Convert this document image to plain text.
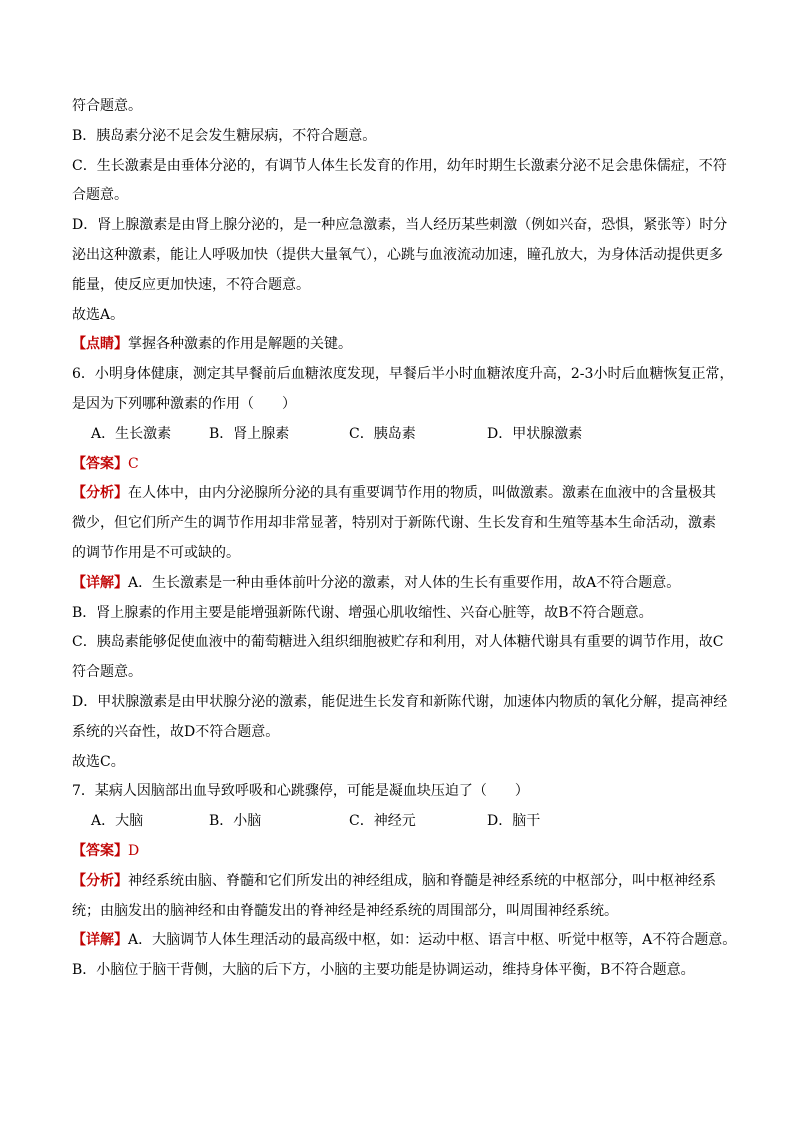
符合题意。
B．胰岛素分泌不足会发生糖尿病，不符合题意。
C．生长激素是由垂体分泌的，有调节人体生长发育的作用，幼年时期生长激素分泌不足会患侏儒症，不符
合题意。
D．肾上腺激素是由肾上腺分泌的，是一种应急激素，当人经历某些刺激（例如兴奋，恐惧，紧张等）时分
泌出这种激素，能让人呼吸加快（提供大量氧气），心跳与血液流动加速，瞳孔放大，为身体活动提供更多
能量，使反应更加快速，不符合题意。
故选A。
【点睛】掌握各种激素的作用是解题的关键。
6．小明身体健康，测定其早餐前后血糖浓度发现，早餐后半小时血糖浓度升高，2-3小时后血糖恢复正常，
是因为下列哪种激素的作用（　　）
A．生长激素	B．肾上腺素	C．胰岛素	D．甲状腺激素
【答案】C
【分析】在人体中，由内分泌腺所分泌的具有重要调节作用的物质，叫做激素。激素在血液中的含量极其
微少，但它们所产生的调节作用却非常显著，特别对于新陈代谢、生长发育和生殖等基本生命活动，激素
的调节作用是不可或缺的。
【详解】A．生长激素是一种由垂体前叶分泌的激素，对人体的生长有重要作用，故A不符合题意。
B．肾上腺素的作用主要是能增强新陈代谢、增强心肌收缩性、兴奋心脏等，故B不符合题意。
C．胰岛素能够促使血液中的葡萄糖进入组织细胞被贮存和利用，对人体糖代谢具有重要的调节作用，故C
符合题意。
D．甲状腺激素是由甲状腺分泌的激素，能促进生长发育和新陈代谢，加速体内物质的氧化分解，提高神经
系统的兴奋性，故D不符合题意。
故选C。
7．某病人因脑部出血导致呼吸和心跳骤停，可能是凝血块压迫了（　　）
A．大脑	B．小脑	C．神经元	D．脑干
【答案】D
【分析】神经系统由脑、脊髓和它们所发出的神经组成，脑和脊髓是神经系统的中枢部分，叫中枢神经系
统；由脑发出的脑神经和由脊髓发出的脊神经是神经系统的周围部分，叫周围神经系统。
【详解】A．大脑调节人体生理活动的最高级中枢，如：运动中枢、语言中枢、听觉中枢等，A不符合题意。
B．小脑位于脑干背侧，大脑的后下方，小脑的主要功能是协调运动，维持身体平衡，B不符合题意。
